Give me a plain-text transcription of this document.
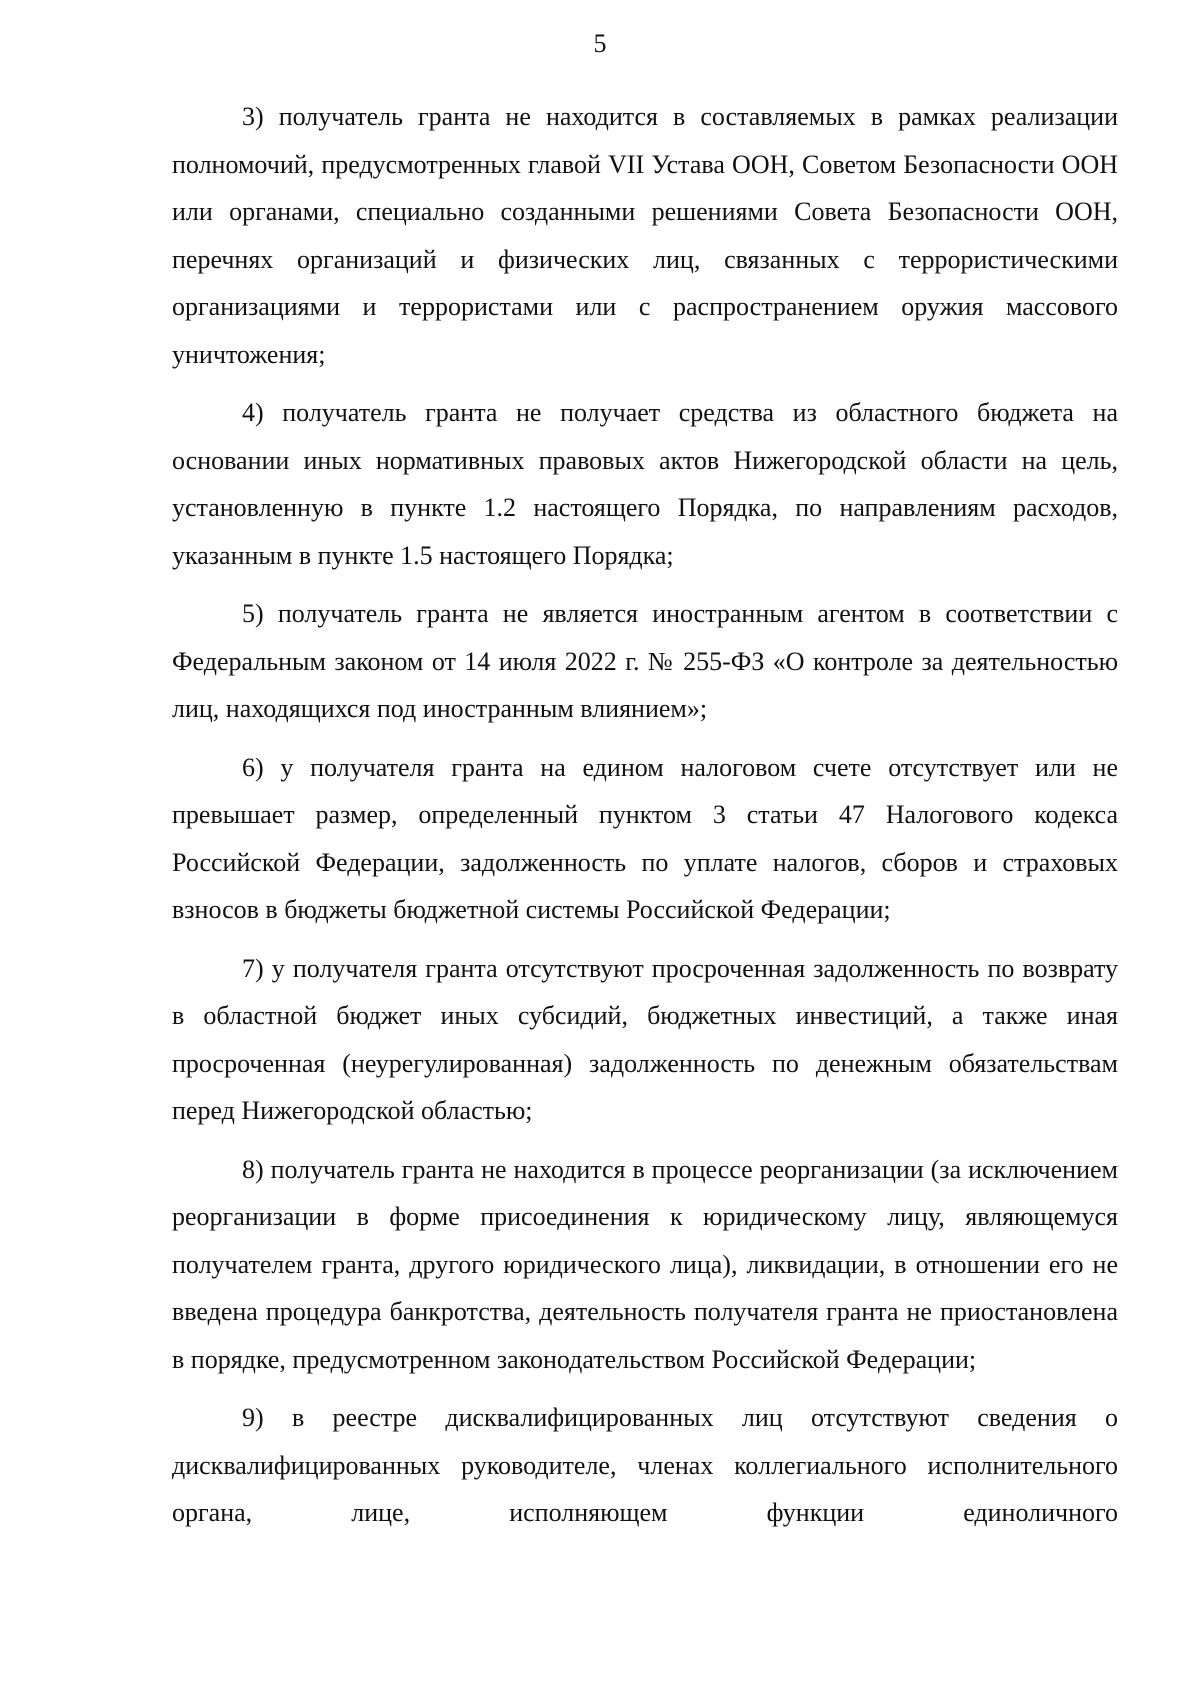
5

3) получатель гранта не находится в составляемых в рамках реализации полномочий, предусмотренных главой VII Устава ООН, Советом Безопасности ООН или органами, специально созданными решениями Совета Безопасности ООН, перечнях организаций и физических лиц, связанных с террористическими организациями и террористами или с распространением оружия массового уничтожения;

4) получатель гранта не получает средства из областного бюджета на основании иных нормативных правовых актов Нижегородской области на цель, установленную в пункте 1.2 настоящего Порядка, по направлениям расходов, указанным в пункте 1.5 настоящего Порядка;

5) получатель гранта не является иностранным агентом в соответствии с Федеральным законом от 14 июля 2022 г. № 255-ФЗ «О контроле за деятельностью лиц, находящихся под иностранным влиянием»;

6) у получателя гранта на едином налоговом счете отсутствует или не превышает размер, определенный пунктом 3 статьи 47 Налогового кодекса Российской Федерации, задолженность по уплате налогов, сборов и страховых взносов в бюджеты бюджетной системы Российской Федерации;

7) у получателя гранта отсутствуют просроченная задолженность по возврату в областной бюджет иных субсидий, бюджетных инвестиций, а также иная просроченная (неурегулированная) задолженность по денежным обязательствам перед Нижегородской областью;

8) получатель гранта не находится в процессе реорганизации (за исключением реорганизации в форме присоединения к юридическому лицу, являющемуся получателем гранта, другого юридического лица), ликвидации, в отношении его не введена процедура банкротства, деятельность получателя гранта не приостановлена в порядке, предусмотренном законодательством Российской Федерации;

9) в реестре дисквалифицированных лиц отсутствуют сведения о дисквалифицированных руководителе, членах коллегиального исполнительного органа, лице, исполняющем функции единоличного
